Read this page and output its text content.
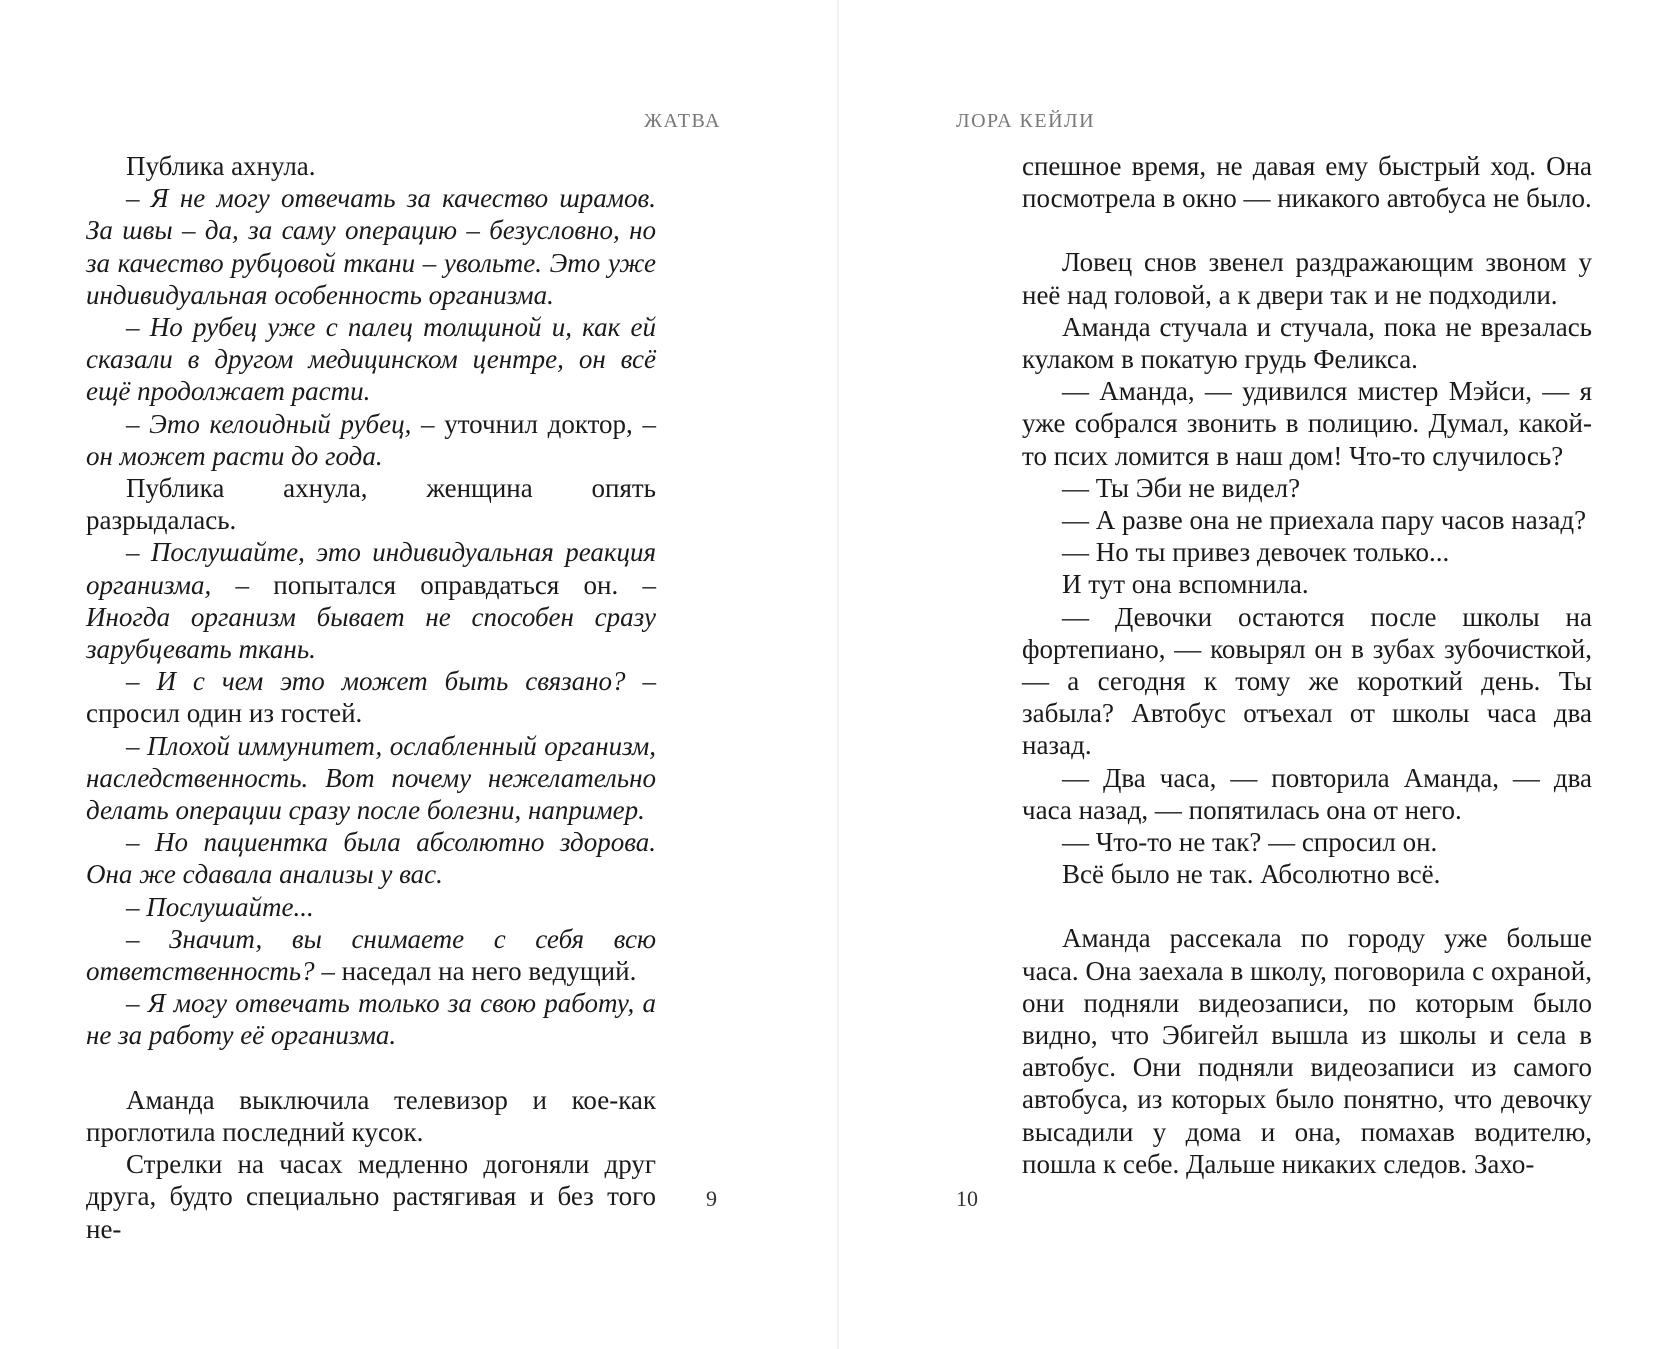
ЖАТВА

Публика ахнула.

– Я не могу отвечать за качество шрамов. За швы – да, за саму операцию – безусловно, но за качество рубцовой ткани – увольте. Это уже индивидуальная особенность организма.

– Но рубец уже с палец толщиной и, как ей сказали в другом медицинском центре, он всё ещё продолжает расти.

– Это келоидный рубец, – уточнил доктор, – он может расти до года.

Публика ахнула, женщина опять разрыдалась.

– Послушайте, это индивидуальная реакция организма, – попытался оправдаться он. – Иногда организм бывает не способен сразу зарубцевать ткань.

– И с чем это может быть связано? – спросил один из гостей.

– Плохой иммунитет, ослабленный организм, наследственность. Вот почему нежелательно делать операции сразу после болезни, например.

– Но пациентка была абсолютно здорова. Она же сдавала анализы у вас.

– Послушайте...

– Значит, вы снимаете с себя всю ответственность? – наседал на него ведущий.

– Я могу отвечать только за свою работу, а не за работу её организма.

Аманда выключила телевизор и кое-как проглотила последний кусок.

Стрелки на часах медленно догоняли друг друга, будто специально растягивая и без того не-

9
ЛОРА КЕЙЛИ

спешное время, не давая ему быстрый ход. Она посмотрела в окно — никакого автобуса не было.

Ловец снов звенел раздражающим звоном у неё над головой, а к двери так и не подходили.

Аманда стучала и стучала, пока не врезалась кулаком в покатую грудь Феликса.

— Аманда, — удивился мистер Мэйси, — я уже собрался звонить в полицию. Думал, какой-то псих ломится в наш дом! Что-то случилось?

— Ты Эби не видел?

— А разве она не приехала пару часов назад?

— Но ты привез девочек только...

И тут она вспомнила.

— Девочки остаются после школы на фортепиано, — ковырял он в зубах зубочисткой, — а сегодня к тому же короткий день. Ты забыла? Автобус отъехал от школы часа два назад.

— Два часа, — повторила Аманда, — два часа назад, — попятилась она от него.

— Что-то не так? — спросил он.

Всё было не так. Абсолютно всё.

Аманда рассекала по городу уже больше часа. Она заехала в школу, поговорила с охраной, они подняли видеозаписи, по которым было видно, что Эбигейл вышла из школы и села в автобус. Они подняли видеозаписи из самого автобуса, из которых было понятно, что девочку высадили у дома и она, помахав водителю, пошла к себе. Дальше никаких следов. Захо-

10
